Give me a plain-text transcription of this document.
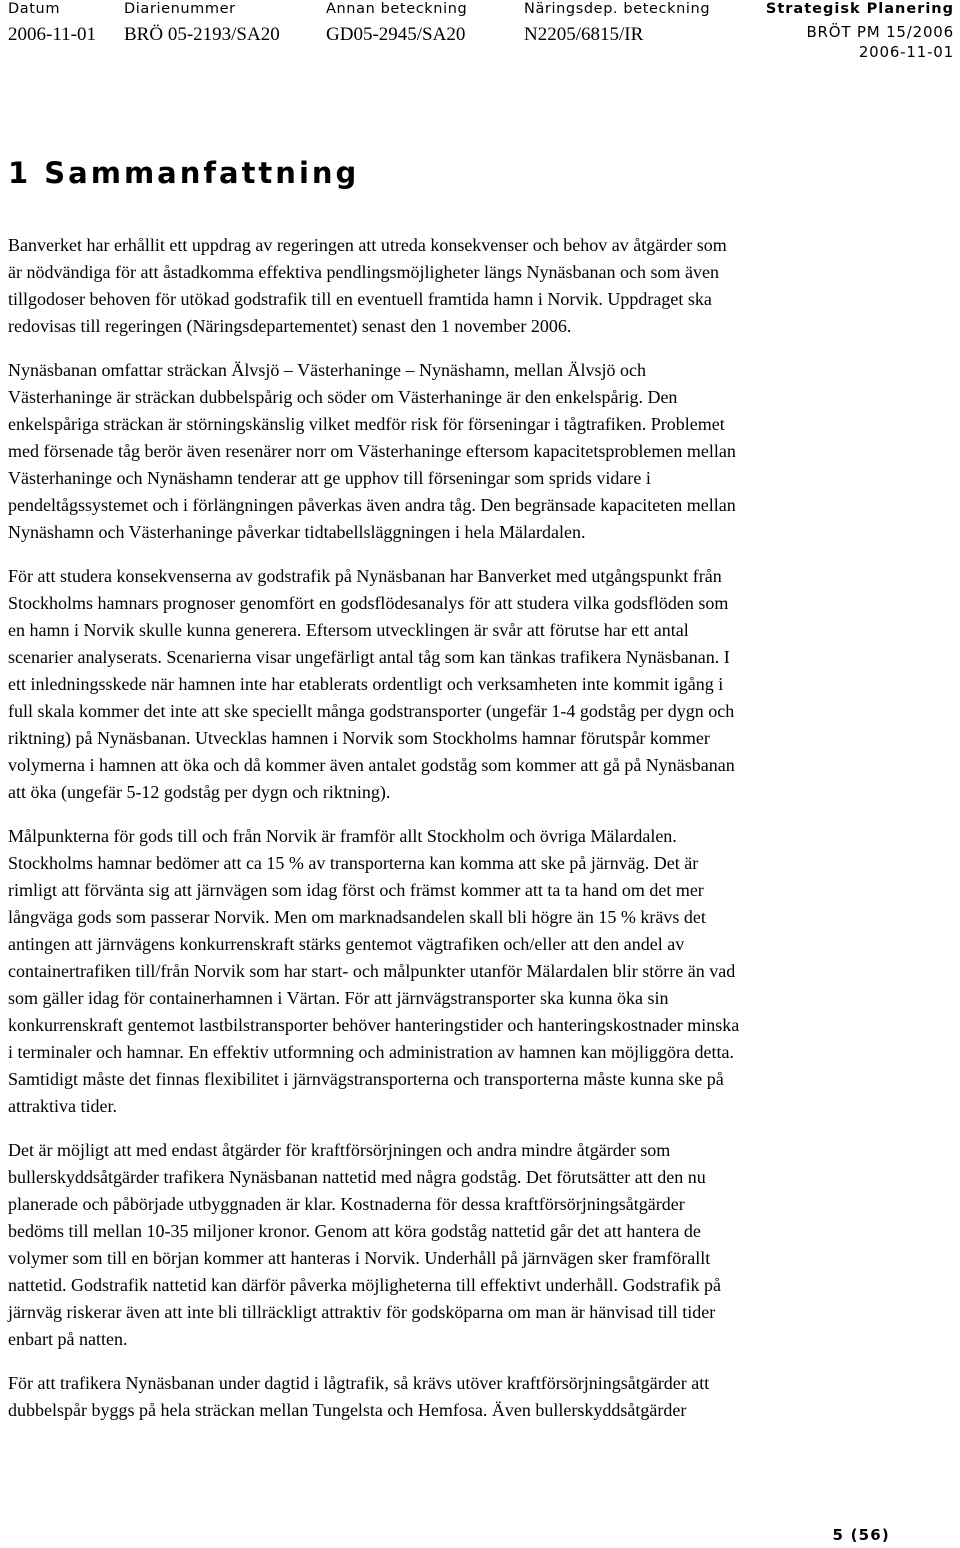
Datum
2006-11-01
Diarienummer
BRÖ 05-2193/SA20
Annan beteckning
GD05-2945/SA20
Näringsdep. beteckning
N2205/6815/IR
Strategisk Planering
BRÖT PM 15/2006
2006-11-01
1 Sammanfattning

Banverket har erhållit ett uppdrag av regeringen att utreda konsekvenser och behov av åtgärder som
är nödvändiga för att åstadkomma effektiva pendlingsmöjligheter längs Nynäsbanan och som även
tillgodoser behoven för utökad godstrafik till en eventuell framtida hamn i Norvik. Uppdraget ska
redovisas till regeringen (Näringsdepartementet) senast den 1 november 2006.

Nynäsbanan omfattar sträckan Älvsjö – Västerhaninge – Nynäshamn, mellan Älvsjö och
Västerhaninge är sträckan dubbelspårig och söder om Västerhaninge är den enkelspårig. Den
enkelspåriga sträckan är störningskänslig vilket medför risk för förseningar i tågtrafiken. Problemet
med försenade tåg berör även resenärer norr om Västerhaninge eftersom kapacitetsproblemen mellan
Västerhaninge och Nynäshamn tenderar att ge upphov till förseningar som sprids vidare i
pendeltågssystemet och i förlängningen påverkas även andra tåg. Den begränsade kapaciteten mellan
Nynäshamn och Västerhaninge påverkar tidtabellsläggningen i hela Mälardalen.

För att studera konsekvenserna av godstrafik på Nynäsbanan har Banverket med utgångspunkt från
Stockholms hamnars prognoser genomfört en godsflödesanalys för att studera vilka godsflöden som
en hamn i Norvik skulle kunna generera. Eftersom utvecklingen är svår att förutse har ett antal
scenarier analyserats. Scenarierna visar ungefärligt antal tåg som kan tänkas trafikera Nynäsbanan. I
ett inledningsskede när hamnen inte har etablerats ordentligt och verksamheten inte kommit igång i
full skala kommer det inte att ske speciellt många godstransporter (ungefär 1-4 godståg per dygn och
riktning) på Nynäsbanan. Utvecklas hamnen i Norvik som Stockholms hamnar förutspår kommer
volymerna i hamnen att öka och då kommer även antalet godståg som kommer att gå på Nynäsbanan
att öka (ungefär 5-12 godståg per dygn och riktning).

Målpunkterna för gods till och från Norvik är framför allt Stockholm och övriga Mälardalen.
Stockholms hamnar bedömer att ca 15 % av transporterna kan komma att ske på järnväg. Det är
rimligt att förvänta sig att järnvägen som idag först och främst kommer att ta ta hand om det mer
långväga gods som passerar Norvik. Men om marknadsandelen skall bli högre än 15 % krävs det
antingen att järnvägens konkurrenskraft stärks gentemot vägtrafiken och/eller att den andel av
containertrafiken till/från Norvik som har start- och målpunkter utanför Mälardalen blir större än vad
som gäller idag för containerhamnen i Värtan. För att järnvägstransporter ska kunna öka sin
konkurrenskraft gentemot lastbilstransporter behöver hanteringstider och hanteringskostnader minska
i terminaler och hamnar. En effektiv utformning och administration av hamnen kan möjliggöra detta.
Samtidigt måste det finnas flexibilitet i järnvägstransporterna och transporterna måste kunna ske på
attraktiva tider.

Det är möjligt att med endast åtgärder för kraftförsörjningen och andra mindre åtgärder som
bullerskyddsåtgärder trafikera Nynäsbanan nattetid med några godståg. Det förutsätter att den nu
planerade och påbörjade utbyggnaden är klar. Kostnaderna för dessa kraftförsörjningsåtgärder
bedöms till mellan 10-35 miljoner kronor. Genom att köra godståg nattetid går det att hantera de
volymer som till en början kommer att hanteras i Norvik. Underhåll på järnvägen sker framförallt
nattetid. Godstrafik nattetid kan därför påverka möjligheterna till effektivt underhåll. Godstrafik på
järnväg riskerar även att inte bli tillräckligt attraktiv för godsköparna om man är hänvisad till tider
enbart på natten.

För att trafikera Nynäsbanan under dagtid i lågtrafik, så krävs utöver kraftförsörjningsåtgärder att
dubbelspår byggs på hela sträckan mellan Tungelsta och Hemfosa. Även bullerskyddsåtgärder

5 (56)
